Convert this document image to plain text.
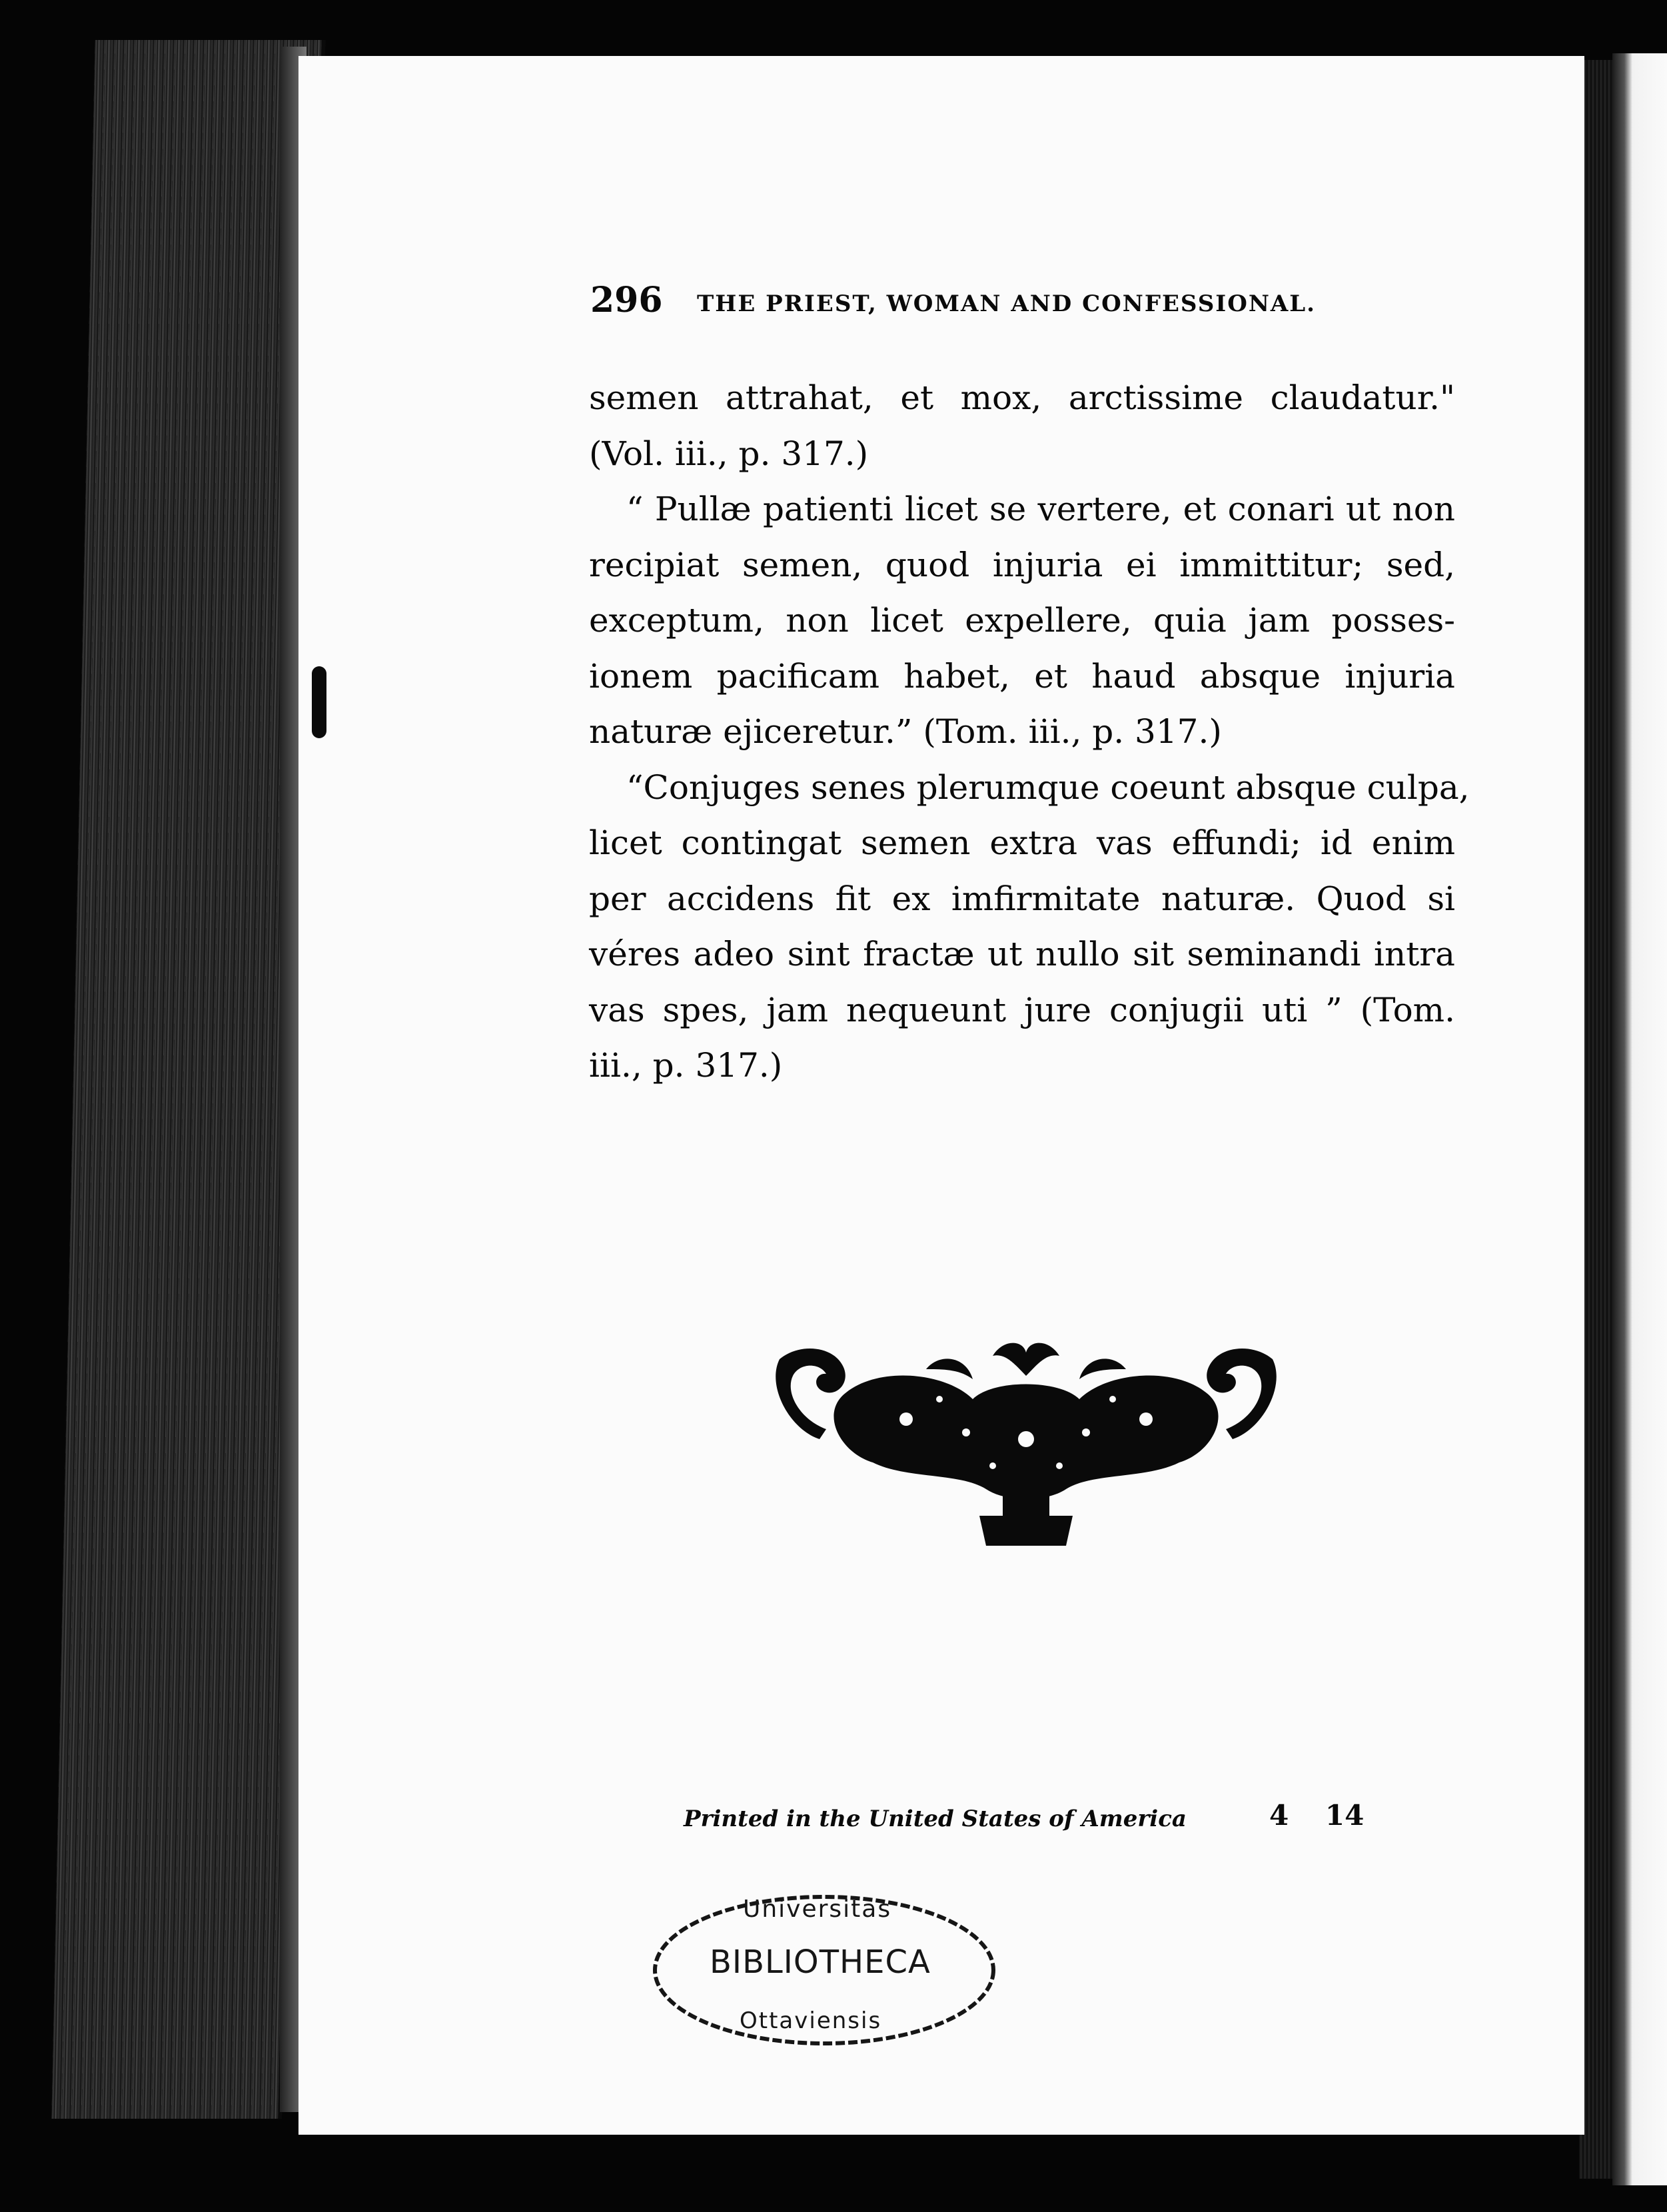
296 THE PRIEST, WOMAN AND CONFESSIONAL.
semen attrahat, et mox, arctissime claudatur."
(Vol. iii., p. 317.)
“ Pullæ patienti licet se vertere, et conari ut non
recipiat semen, quod injuria ei immittitur; sed,
exceptum, non licet expellere, quia jam posses-
ionem pacificam habet, et haud absque injuria
naturæ ejiceretur.” (Tom. iii., p. 317.)
“Conjuges senes plerumque coeunt absque culpa,
licet contingat semen extra vas effundi; id enim
per accidens fit ex imfirmitate naturæ. Quod si
véres adeo sint fractæ ut nullo sit seminandi intra
vas spes, jam nequeunt jure conjugii uti ” (Tom.
iii., p. 317.)
Printed in the United States of America	4 14
Universitas
BIBLIOTHECA
Ottaviensis
